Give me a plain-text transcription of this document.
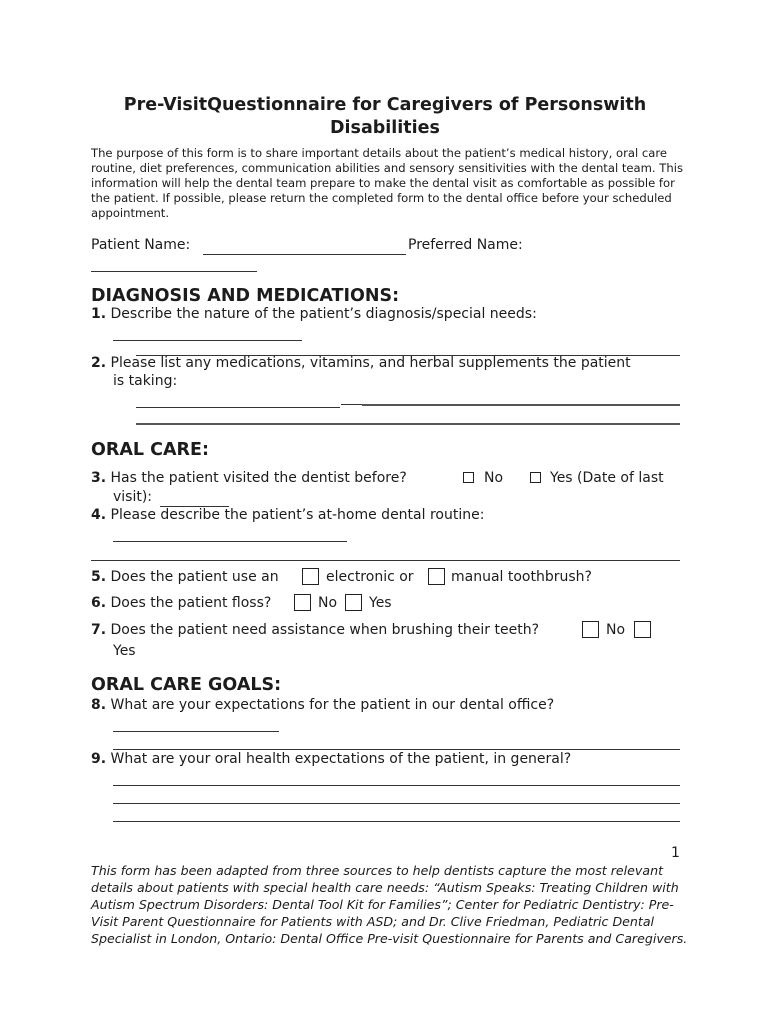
Pre-VisitQuestionnaire for Caregivers of Personswith Disabilities
The purpose of this form is to share important details about the patient’s medical history, oral care routine, diet preferences, communication abilities and sensory sensitivities with the dental team. This information will help the dental team prepare to make the dental visit as comfortable as possible for the patient. If possible, please return the completed form to the dental office before your scheduled appointment.
Patient Name:	Preferred Name:
DIAGNOSIS AND MEDICATIONS:
1. Describe the nature of the patient’s diagnosis/special needs:
2. Please list any medications, vitamins, and herbal supplements the patient
is taking:
ORAL CARE:
3. Has the patient visited the dentist before?	No	Yes (Date of last
visit):
4. Please describe the patient’s at-home dental routine:
5. Does the patient use an	electronic or	manual toothbrush?
6. Does the patient floss?	No Yes
7. Does the patient need assistance when brushing their teeth?	No
Yes
ORAL CARE GOALS:
8. What are your expectations for the patient in our dental office?
9. What are your oral health expectations of the patient, in general?
1
This form has been adapted from three sources to help dentists capture the most relevant details about patients with special health care needs: “Autism Speaks: Treating Children with Autism Spectrum Disorders: Dental Tool Kit for Families”; Center for Pediatric Dentistry: Pre-Visit Parent Questionnaire for Patients with ASD; and Dr. Clive Friedman, Pediatric Dental Specialist in London, Ontario: Dental Office Pre-visit Questionnaire for Parents and Caregivers.
